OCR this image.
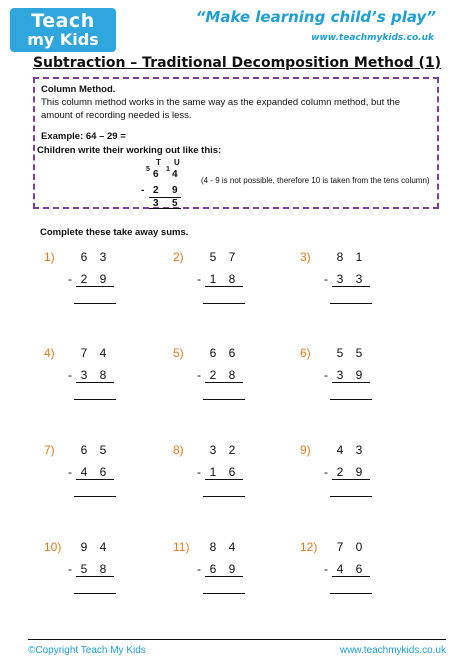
Teach
my Kids
“Make learning child’s play”
www.teachmykids.co.uk
Subtraction – Traditional Decomposition Method (1)
Column Method.
This column method works in the same way as the expanded column method, but the
amount of recording needed is less.
Example: 64 – 29 =
Children write their working out like this:
T U
5 6 1 4
- 2 9
3 5
(4 - 9 is not possible, therefore 10 is taken from the tens column)
Complete these take away sums.
1) 6 3
- 2 9
2) 5 7
- 1 8
3) 8 1
- 3 3
4) 7 4
- 3 8
5) 6 6
- 2 8
6) 5 5
- 3 9
7) 6 5
- 4 6
8) 3 2
- 1 6
9) 4 3
- 2 9
10) 9 4
- 5 8
11) 8 4
- 6 9
12) 7 0
- 4 6
©Copyright Teach My Kids	www.teachmykids.co.uk
